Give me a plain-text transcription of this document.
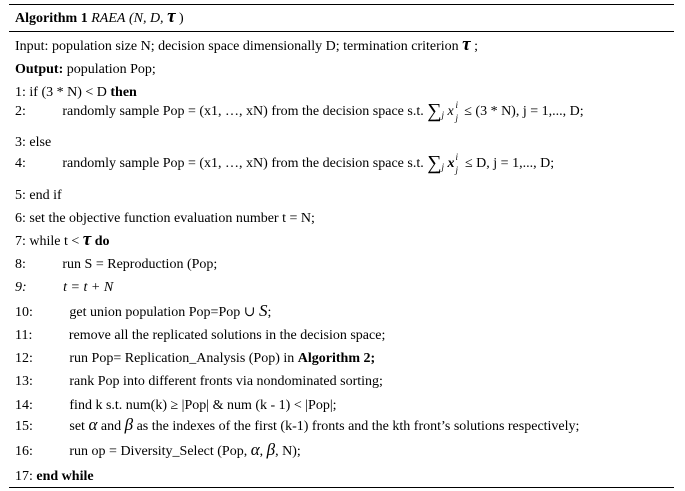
Algorithm 1 RAEA (N, D, τ )
Input: population size N; decision space dimensionally D; termination criterion τ ;
Output: population Pop;
1: if (3 * N) < D then
2:	randomly sample Pop = (x1, …, xN) from the decision space s.t. $\sum_j$ x i
j ≤ (3 * N), j = 1,..., D;
3: else
4:	randomly sample Pop = (x1, …, xN) from the decision space s.t. $\sum_j$ x i
j ≤ D, j = 1,..., D;
5: end if
6: set the objective function evaluation number t = N;
7: while t < τ do
8:	run S = Reproduction (Pop;
9:	t = t + N
10:	get union population Pop=Pop ∪ S;
11:	remove all the replicated solutions in the decision space;
12:	run Pop= Replication_Analysis (Pop) in Algorithm 2;
13:	rank Pop into different fronts via nondominated sorting;
14:	find k s.t. num(k) ≥ |Pop| & num (k - 1) < |Pop|;
15:	set α and β as the indexes of the first (k-1) fronts and the kth front’s solutions respectively;
16:	run op = Diversity_Select (Pop, α, β, N);
17: end while
